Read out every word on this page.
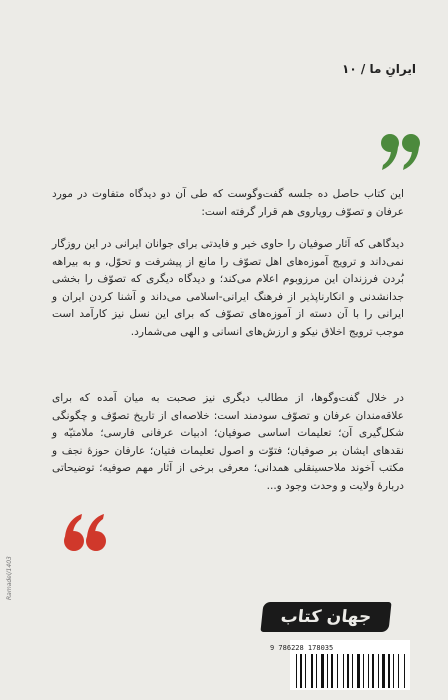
ایرانِ ما / ۱۰

این کتاب حاصل ده جلسه گفت‌وگوست که طی آن دو دیدگاه متفاوت در مورد عرفان و تصوّف رویاروی هم قرار گرفته است:

دیدگاهی که آثار صوفیان را حاوی خیر و فایدتی برای جوانان ایرانی در این روزگار نمی‌داند و ترویج آموزه‌های اهل تصوّف را مانع از پیشرفت و تحوّل، و به بیراهه بُردن فرزندان این مرزوبوم اعلام می‌کند؛ و دیدگاه دیگری که تصوّف را بخشی جدانشدنی و انکارناپذیر از فرهنگ ایرانی-اسلامی می‌داند و آشنا کردن ایران و ایرانی را با آن دسته از آموزه‌های تصوّف که برای این نسل نیز کارآمد است موجب ترویج اخلاق نیکو و ارزش‌های انسانی و الهی می‌شمارد.

در خلال گفت‌وگوها، از مطالب دیگری نیز صحبت به میان آمده که برای علاقه‌مندان عرفان و تصوّف سودمند است: خلاصه‌ای از تاریخ تصوّف و چگونگی شکل‌گیری آن؛ تعلیمات اساسی صوفیان؛ ادبیات عرفانی فارسی؛ ملامتیّه و نقدهای ایشان بر صوفیان؛ فتوّت و اصول تعلیمات فتیان؛ عارفان حوزهٔ نجف و مکتب آخوند ملاحسینقلی همدانی؛ معرفی برخی از آثار مهم صوفیه؛ توضیحاتی دربارهٔ ولایت و وحدت وجود و...

Ramadel/1403
جهان کتاب
9 786228 178035
